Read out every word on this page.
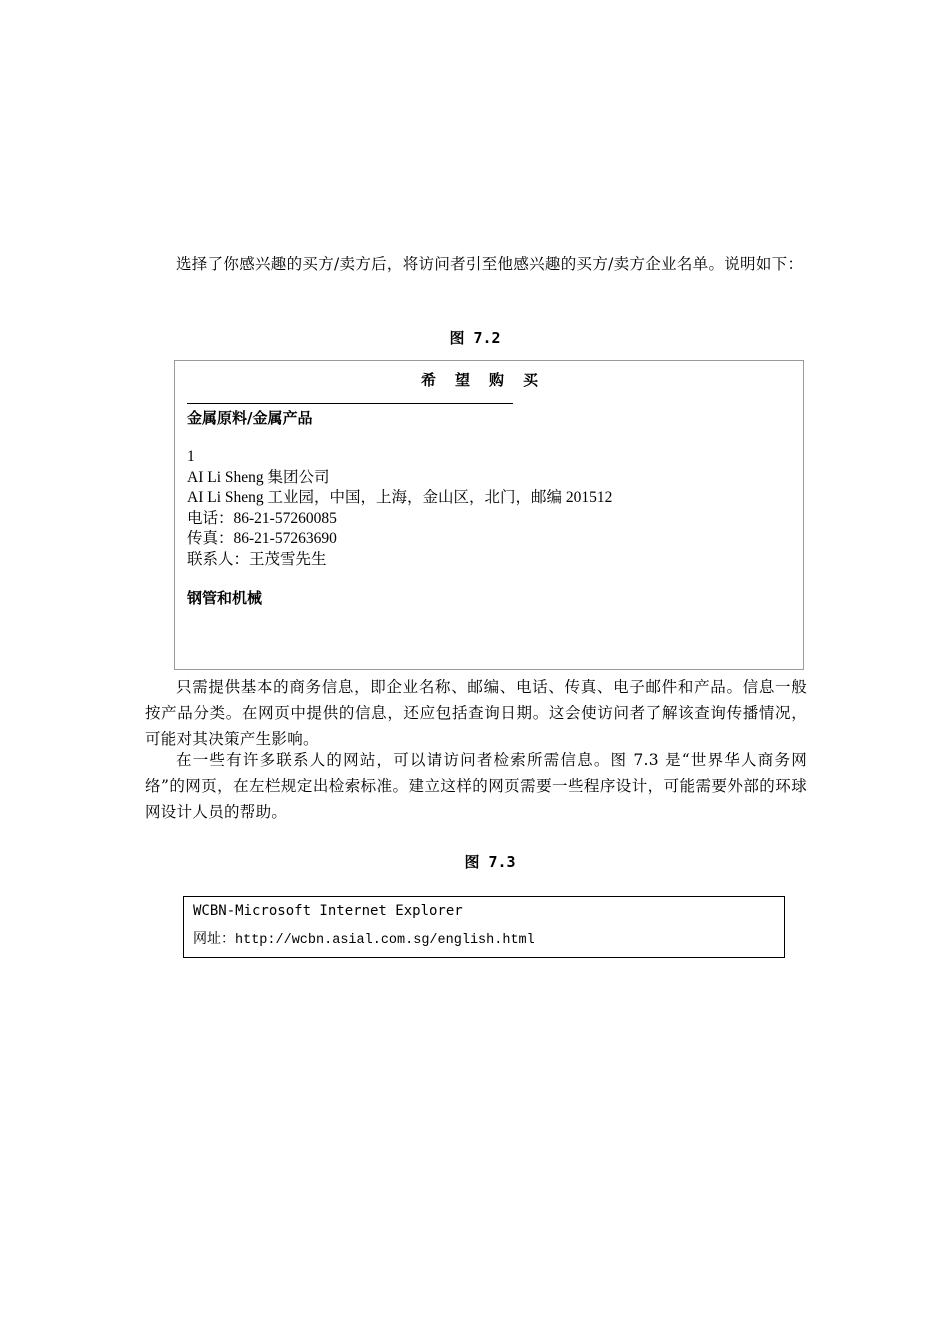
选择了你感兴趣的买方/卖方后，将访问者引至他感兴趣的买方/卖方企业名单。说明如下：

图 7.2

希望购买

金属原料/金属产品

1
AI Li Sheng 集团公司
AI Li Sheng 工业园，中国，上海，金山区，北门，邮编 201512
电话：86-21-57260085
传真：86-21-57263690
联系人：王茂雪先生

钢管和机械

只需提供基本的商务信息，即企业名称、邮编、电话、传真、电子邮件和产品。信息一般按产品分类。在网页中提供的信息，还应包括查询日期。这会使访问者了解该查询传播情况，可能对其决策产生影响。

在一些有许多联系人的网站，可以请访问者检索所需信息。图 7.3 是“世界华人商务网络”的网页，在左栏规定出检索标准。建立这样的网页需要一些程序设计，可能需要外部的环球网设计人员的帮助。

图 7.3

WCBN-Microsoft Internet Explorer

网址：http://wcbn.asial.com.sg/english.html
